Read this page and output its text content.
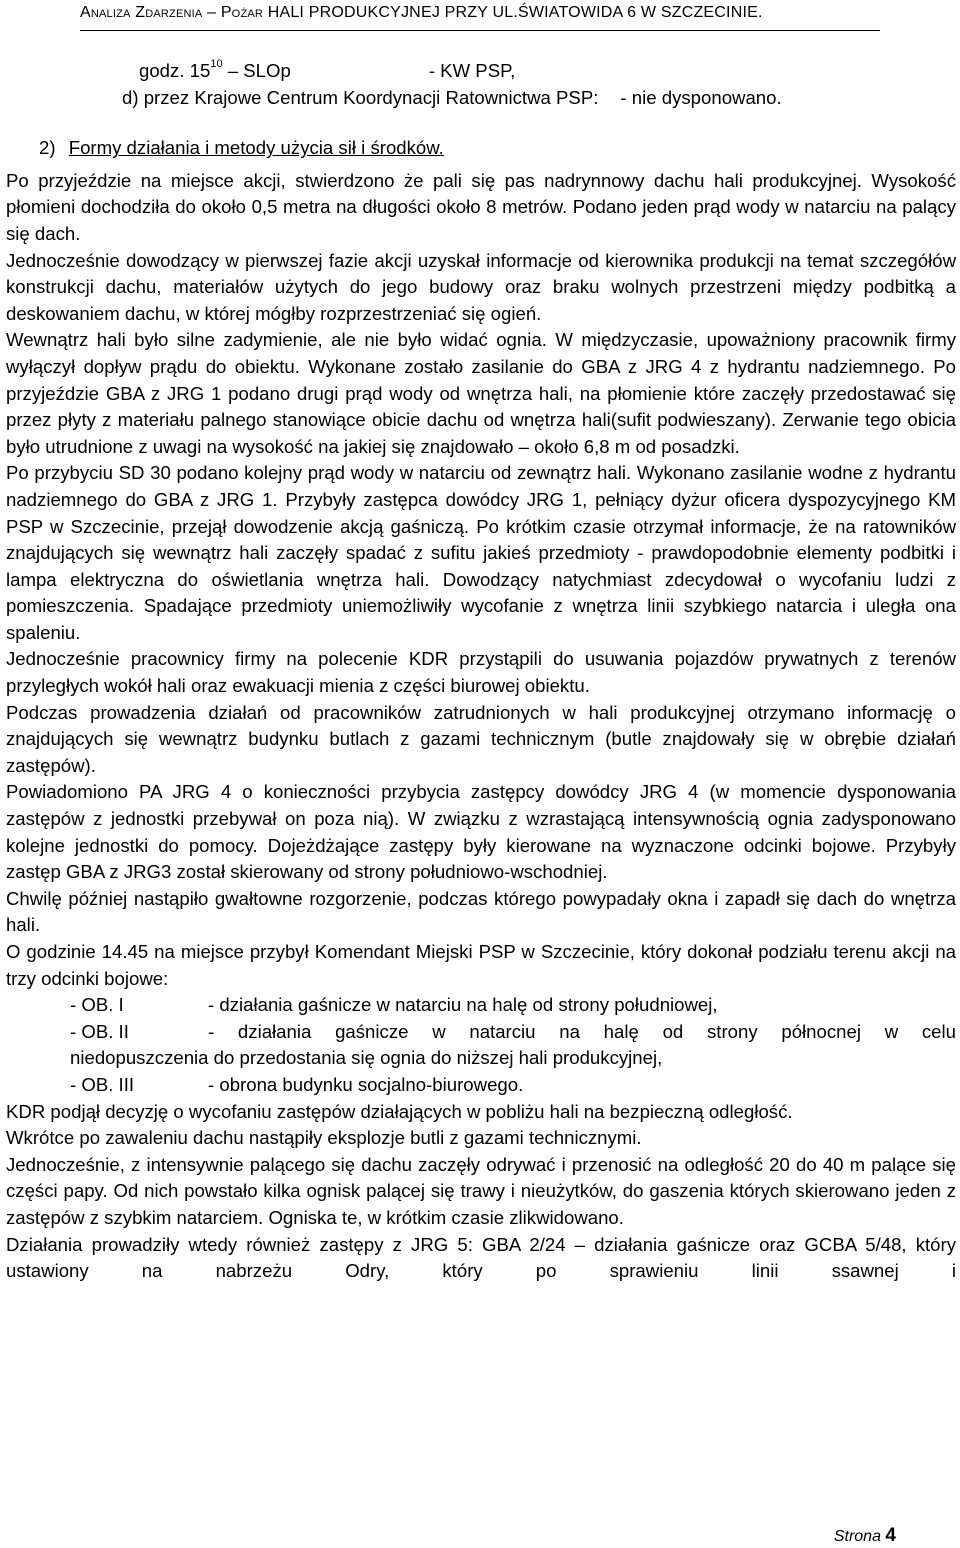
Analiza Zdarzenia – Pożar HALI PRODUKCYJNEJ PRZY UL.ŚWIATOWIDA 6 W SZCZECINIE.
godz. $15^{10}$ – SLOp	- KW PSP,
d) przez Krajowe Centrum Koordynacji Ratownictwa PSP: - nie dysponowano.
2) Formy działania i metody użycia sił i środków.

Po przyjeździe na miejsce akcji, stwierdzono że pali się pas nadrynnowy dachu hali produkcyjnej. Wysokość płomieni dochodziła do około 0,5 metra na długości około 8 metrów. Podano jeden prąd wody w natarciu na palący się dach.

Jednocześnie dowodzący w pierwszej fazie akcji uzyskał informacje od kierownika produkcji na temat szczegółów konstrukcji dachu, materiałów użytych do jego budowy oraz braku wolnych przestrzeni między podbitką a deskowaniem dachu, w której mógłby rozprzestrzeniać się ogień.

Wewnątrz hali było silne zadymienie, ale nie było widać ognia. W międzyczasie, upoważniony pracownik firmy wyłączył dopływ prądu do obiektu. Wykonane zostało zasilanie do GBA z JRG 4 z hydrantu nadziemnego. Po przyjeździe GBA z JRG 1 podano drugi prąd wody od wnętrza hali, na płomienie które zaczęły przedostawać się przez płyty z materiału palnego stanowiące obicie dachu od wnętrza hali(sufit podwieszany). Zerwanie tego obicia było utrudnione z uwagi na wysokość na jakiej się znajdowało – około 6,8 m od posadzki.

Po przybyciu SD 30 podano kolejny prąd wody w natarciu od zewnątrz hali. Wykonano zasilanie wodne z hydrantu nadziemnego do GBA z JRG 1. Przybyły zastępca dowódcy JRG 1, pełniący dyżur oficera dyspozycyjnego KM PSP w Szczecinie, przejął dowodzenie akcją gaśniczą. Po krótkim czasie otrzymał informacje, że na ratowników znajdujących się wewnątrz hali zaczęły spadać z sufitu jakieś przedmioty - prawdopodobnie elementy podbitki i lampa elektryczna do oświetlania wnętrza hali. Dowodzący natychmiast zdecydował o wycofaniu ludzi z pomieszczenia. Spadające przedmioty uniemożliwiły wycofanie z wnętrza linii szybkiego natarcia i uległa ona spaleniu.

Jednocześnie pracownicy firmy na polecenie KDR przystąpili do usuwania pojazdów prywatnych z terenów przyległych wokół hali oraz ewakuacji mienia z części biurowej obiektu.

Podczas prowadzenia działań od pracowników zatrudnionych w hali produkcyjnej otrzymano informację o znajdujących się wewnątrz budynku butlach z gazami technicznym (butle znajdowały się w obrębie działań zastępów).

Powiadomiono PA JRG 4 o konieczności przybycia zastępcy dowódcy JRG 4 (w momencie dysponowania zastępów z jednostki przebywał on poza nią). W związku z wzrastającą intensywnością ognia zadysponowano kolejne jednostki do pomocy. Dojeżdżające zastępy były kierowane na wyznaczone odcinki bojowe. Przybyły zastęp GBA z JRG3 został skierowany od strony południowo-wschodniej.

Chwilę później nastąpiło gwałtowne rozgorzenie, podczas którego powypadały okna i zapadł się dach do wnętrza hali.

O godzinie 14.45 na miejsce przybył Komendant Miejski PSP w Szczecinie, który dokonał podziału terenu akcji na trzy odcinki bojowe:

- OB. I	- działania gaśnicze w natarciu na halę od strony południowej,
- OB. II	- działania gaśnicze w natarciu na halę od strony północnej w celu
niedopuszczenia do przedostania się ognia do niższej hali produkcyjnej,
- OB. III	- obrona budynku socjalno-biurowego.

KDR podjął decyzję o wycofaniu zastępów działających w pobliżu hali na bezpieczną odległość.

Wkrótce po zawaleniu dachu nastąpiły eksplozje butli z gazami technicznymi.

Jednocześnie, z intensywnie palącego się dachu zaczęły odrywać i przenosić na odległość 20 do 40 m palące się części papy. Od nich powstało kilka ognisk palącej się trawy i nieużytków, do gaszenia których skierowano jeden z zastępów z szybkim natarciem. Ogniska te, w krótkim czasie zlikwidowano.

Działania prowadziły wtedy również zastępy z JRG 5: GBA 2/24 – działania gaśnicze oraz GCBA 5/48, który ustawiony na nabrzeżu Odry, który po sprawieniu linii ssawnej i

Strona 4
